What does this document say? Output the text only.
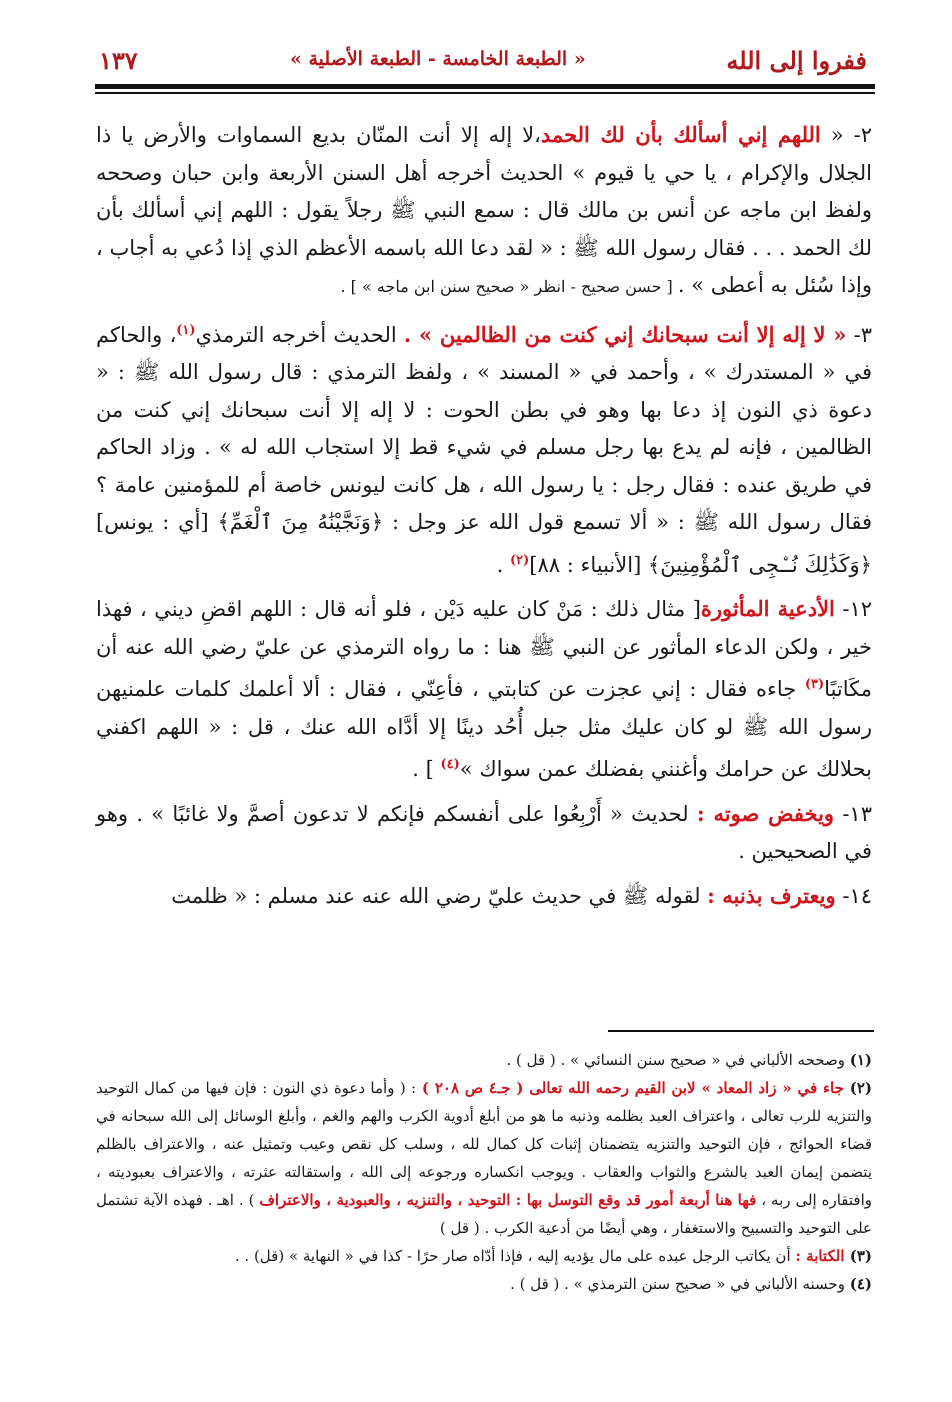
ففروا إلى الله
« الطبعة الخامسة - الطبعة الأصلية »
١٣٧

٢- « اللهم إني أسألك بأن لك الحمد،لا إله إلا أنت المنّان بديع السماوات والأرض يا ذا الجلال والإكرام ، يا حي يا قيوم » الحديث أخرجه أهل السنن الأربعة وابن حبان وصححه ولفظ ابن ماجه عن أنس بن مالك قال : سمع النبي ﷺ رجلاً يقول : اللهم إني أسألك بأن لك الحمد . . . فقال رسول الله ﷺ : « لقد دعا الله باسمه الأعظم الذي إذا دُعي به أجاب ، وإذا سُئل به أعطى » . [ حسن صحيح - انظر « صحيح سنن ابن ماجه » ] .

٣- « لا إله إلا أنت سبحانك إني كنت من الظالمين » . الحديث أخرجه الترمذي$^{(١)}$، والحاكم في « المستدرك » ، وأحمد في « المسند » ، ولفظ الترمذي : قال رسول الله ﷺ : « دعوة ذي النون إذ دعا بها وهو في بطن الحوت : لا إله إلا أنت سبحانك إني كنت من الظالمين ، فإنه لم يدع بها رجل مسلم في شيء قط إلا استجاب الله له » . وزاد الحاكم في طريق عنده : فقال رجل : يا رسول الله ، هل كانت ليونس خاصة أم للمؤمنين عامة ؟ فقال رسول الله ﷺ : « ألا تسمع قول الله عز وجل : ﴿وَنَجَّيْنَٰهُ مِنَ ٱلْغَمِّ﴾ [أي : يونس] ﴿وَكَذَٰلِكَ نُـۨجِى ٱلْمُؤْمِنِينَ﴾ [الأنبياء : ٨٨]$^{(٢)}$ .

١٢- الأدعية المأثورة[ مثال ذلك : مَنْ كان عليه دَيْن ، فلو أنه قال : اللهم اقضِ ديني ، فهذا خير ، ولكن الدعاء المأثور عن النبي ﷺ هنا : ما رواه الترمذي عن عليّ رضي الله عنه أن مكَاتبًا$^{(٣)}$ جاءه فقال : إني عجزت عن كتابتي ، فأعِنّي ، فقال : ألا أعلمك كلمات علمنيهن رسول الله ﷺ لو كان عليك مثل جبل أُحُد دينًا إلا أدَّاه الله عنك ، قل : « اللهم اكفني بحلالك عن حرامك وأغنني بفضلك عمن سواك »$^{(٤)}$ ] .

١٣- ويخفض صوته : لحديث « أَرْبِعُوا على أنفسكم فإنكم لا تدعون أصمَّ ولا غائبًا » . وهو في الصحيحين .

١٤- ويعترف بذنبه : لقوله ﷺ في حديث عليّ رضي الله عنه عند مسلم : « ظلمت

(١) وصححه الألباني في « صحيح سنن النسائي » . ( قل ) .

(٢) جاء في « زاد المعاد » لابن القيم رحمه الله تعالى ( جـ٤ ص ٢٠٨ ) : ( وأما دعوة ذي النون : فإن فيها من كمال التوحيد والتنزيه للرب تعالى ، واعتراف العبد بظلمه وذنبه ما هو من أبلغ أدوية الكرب والهم والغم ، وأبلغ الوسائل إلى الله سبحانه في قضاء الحوائج ، فإن التوحيد والتنزيه يتضمنان إثبات كل كمال لله ، وسلب كل نقص وعيب وتمثيل عنه ، والاعتراف بالظلم يتضمن إيمان العبد بالشرع والثواب والعقاب . ويوجب انكساره ورجوعه إلى الله ، واستقالته عثرته ، والاعتراف بعبوديته ، وافتقاره إلى ربه ، فها هنا أربعة أمور قد وقع التوسل بها : التوحيد ، والتنزيه ، والعبودية ، والاعتراف ) . اهـ . فهذه الآية تشتمل على التوحيد والتسبيح والاستغفار ، وهي أيضًا من أدعية الكرب . ( قل )

(٣) الكتابة : أن يكاتب الرجل عبده على مال يؤديه إليه ، فإذا أدّاه صار حرًا - كذا في « النهاية » (قل) . .

(٤) وحسنه الألباني في « صحيح سنن الترمذي » . ( قل ) .
